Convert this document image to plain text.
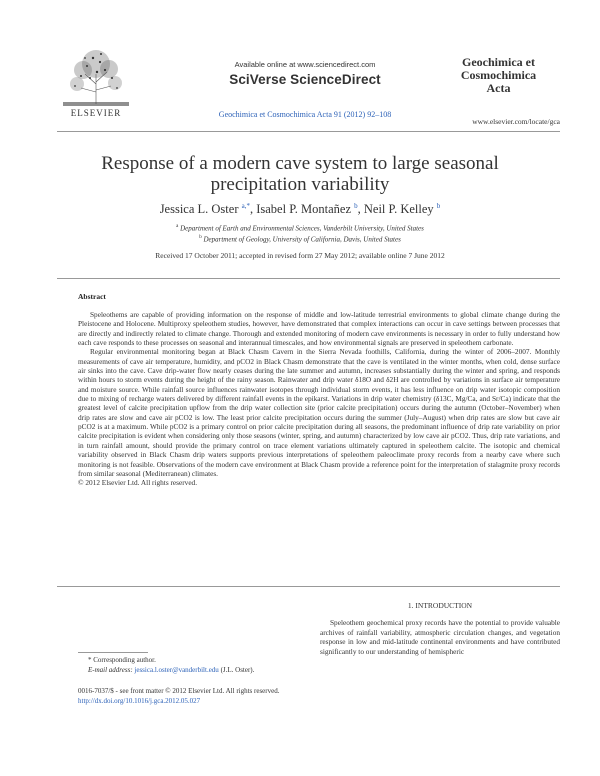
ELSEVIER
Available online at www.sciencedirect.com
SciVerse ScienceDirect
Geochimica et Cosmochimica Acta 91 (2012) 92–108
Geochimica et
Cosmochimica
Acta
www.elsevier.com/locate/gca
Response of a modern cave system to large seasonal
precipitation variability
Jessica L. Oster $^{a,*}$, Isabel P. Montañez $^b$, Neil P. Kelley $^b$
$^a$ Department of Earth and Environmental Sciences, Vanderbilt University, United States
$^b$ Department of Geology, University of California, Davis, United States
Received 17 October 2011; accepted in revised form 27 May 2012; available online 7 June 2012
Abstract

Speleothems are capable of providing information on the response of middle and low-latitude terrestrial environments to global climate change during the Pleistocene and Holocene. Multiproxy speleothem studies, however, have demonstrated that complex interactions can occur in cave settings between processes that are directly and indirectly related to climate change. Thorough and extended monitoring of modern cave environments is necessary in order to fully understand how each cave responds to these processes on seasonal and interannual timescales, and how environmental signals are preserved in speleothem carbonate.

Regular environmental monitoring began at Black Chasm Cavern in the Sierra Nevada foothills, California, during the winter of 2006–2007. Monthly measurements of cave air temperature, humidity, and pCO2 in Black Chasm demonstrate that the cave is ventilated in the winter months, when cold, dense surface air sinks into the cave. Cave drip-water flow nearly ceases during the late summer and autumn, increases substantially during the winter and spring, and responds within hours to storm events during the height of the rainy season. Rainwater and drip water δ18O and δ2H are controlled by variations in surface air temperature and moisture source. While rainfall source influences rainwater isotopes through individual storm events, it has less influence on drip water isotopic composition due to mixing of recharge waters delivered by different rainfall events in the epikarst. Variations in drip water chemistry (δ13C, Mg/Ca, and Sr/Ca) indicate that the greatest level of calcite precipitation upflow from the drip water collection site (prior calcite precipitation) occurs during the autumn (October–November) when drip rates are slow and cave air pCO2 is low. The least prior calcite precipitation occurs during the summer (July–August) when drip rates are slow but cave air pCO2 is at a maximum. While pCO2 is a primary control on prior calcite precipitation during all seasons, the predominant influence of drip rate variability on prior calcite precipitation is evident when considering only those seasons (winter, spring, and autumn) characterized by low cave air pCO2. Thus, drip rate variations, and in turn rainfall amount, should provide the primary control on trace element variations ultimately captured in speleothem calcite. The isotopic and chemical variability observed in Black Chasm drip waters supports previous interpretations of speleothem paleoclimate proxy records from a nearby cave where such monitoring is not feasible. Observations of the modern cave environment at Black Chasm provide a reference point for the interpretation of stalagmite proxy records from similar seasonal (Mediterranean) climates.

© 2012 Elsevier Ltd. All rights reserved.

1. INTRODUCTION

Speleothem geochemical proxy records have the potential to provide valuable archives of rainfall variability, atmospheric circulation changes, and vegetation response in low and mid-latitude continental environments and have contributed significantly to our understanding of hemispheric

* Corresponding author.
E-mail address: jessica.l.oster@vanderbilt.edu (J.L. Oster).
0016-7037/$ - see front matter © 2012 Elsevier Ltd. All rights reserved.
http://dx.doi.org/10.1016/j.gca.2012.05.027
